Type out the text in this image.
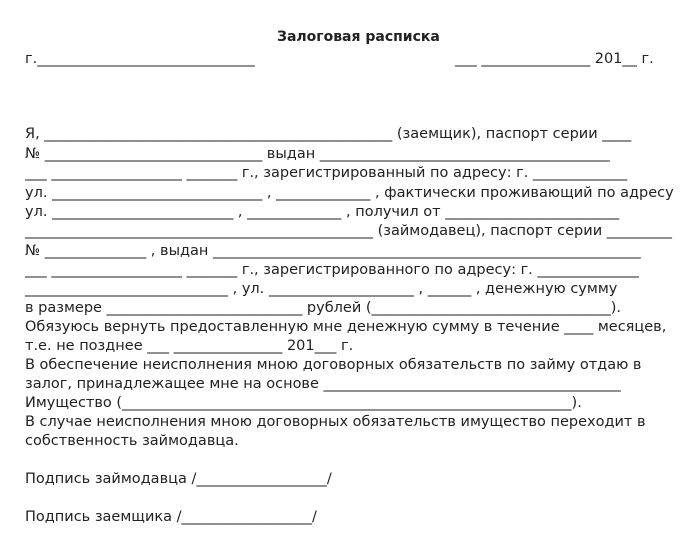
Залоговая расписка
г.______________________________	___ _______________ 201__ г.
Я, ________________________________________________ (заемщик), паспорт серии ____
№ ______________________________ выдан ________________________________________
___ __________________ _______ г., зарегистрированный по адресу: г. _____________
ул. _____________________________ , _____________ , фактически проживающий по адресу
ул. _________________________ , _____________ , получил от ________________________
________________________________________________ (займодавец), паспорт серии _________
№ ______________ , выдан ___________________________________________________________
___ __________________ _______ г., зарегистрированного по адресу: г. ______________
____________________________ , ул. ____________________ , ______ , денежную сумму
в размере ___________________________ рублей (_________________________________).
Обязуюсь вернуть предоставленную мне денежную сумму в течение ____ месяцев,
т.е. не позднее ___ _______________ 201___ г.
В обеспечение неисполнения мною договорных обязательств по займу отдаю в
залог, принадлежащее мне на основе _________________________________________
Имущество (______________________________________________________________).
В случае неисполнения мною договорных обязательств имущество переходит в
собственность займодавца.
Подпись займодавца /__________________/
Подпись заемщика /__________________/
